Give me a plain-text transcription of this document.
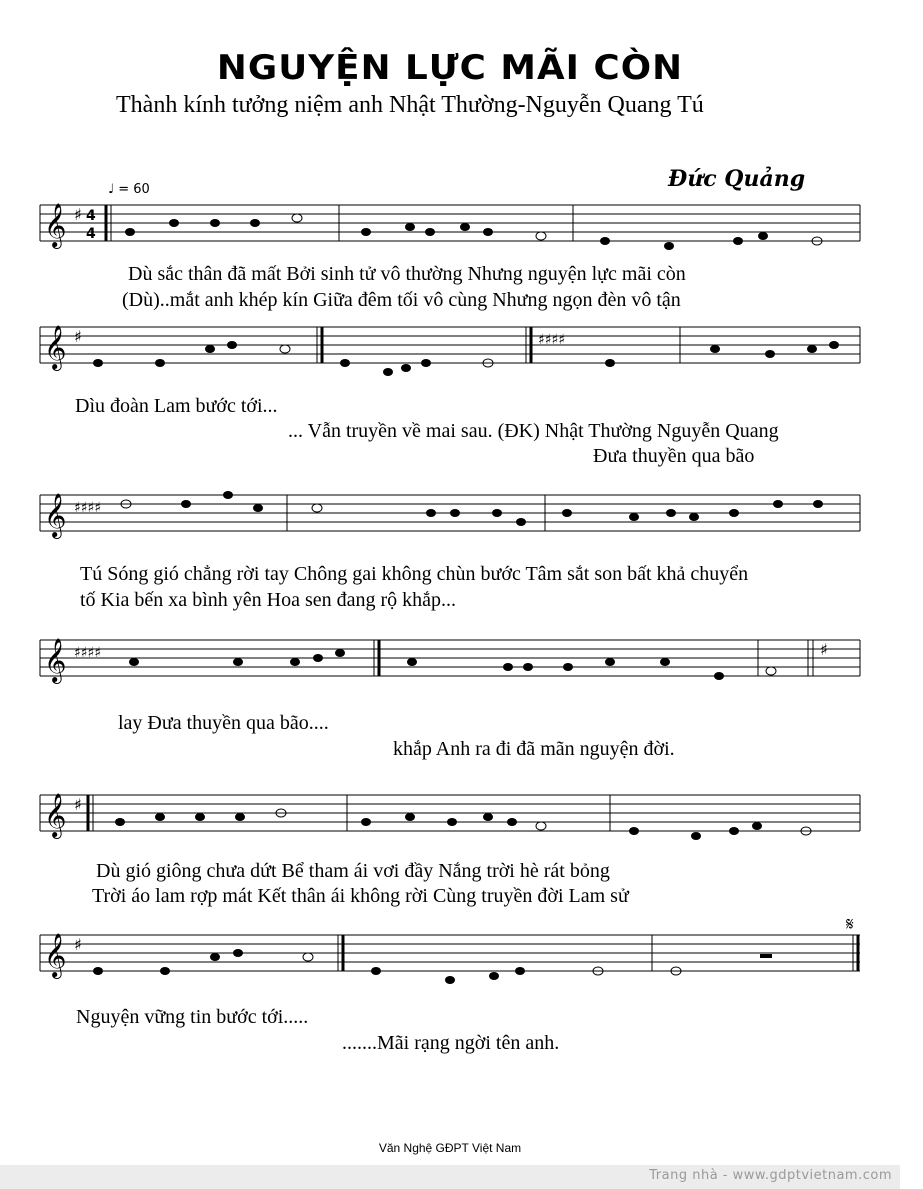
NGUYỆN LỰC MÃI CÒN
Thành kính tưởng niệm anh Nhật Thường-Nguyễn Quang Tú
Đức Quảng
♩ = 60
𝄞 ♯ 4
4
Dù sắc thân đã mất Bởi sinh tử vô thường Nhưng nguyện lực mãi còn
(Dù)..mắt anh khép kín Giữa đêm tối vô cùng Nhưng ngọn đèn vô tận
𝄞 ♯	♯♯♯♯
Dìu đoàn Lam bước tới...
... Vẫn truyền về mai sau. (ĐK) Nhật Thường Nguyễn Quang
Đưa thuyền qua bão
𝄞 ♯♯♯♯
Tú Sóng gió chẳng rời tay Chông gai không chùn bước Tâm sắt son bất khả chuyển
tố Kia bến xa bình yên Hoa sen đang rộ khắp...
𝄞 ♯♯♯♯	♯
lay Đưa thuyền qua bão....
khắp Anh ra đi đã mãn nguyện đời.
𝄞 ♯
Dù gió giông chưa dứt Bể tham ái vơi đầy Nắng trời hè rát bỏng
Trời áo lam rợp mát Kết thân ái không rời Cùng truyền đời Lam sử
𝄞 ♯
𝄋
Nguyện vững tin bước tới.....
.......Mãi rạng ngời tên anh.
Văn Nghệ GĐPT Việt Nam
Trang nhà - www.gdptvietnam.com
